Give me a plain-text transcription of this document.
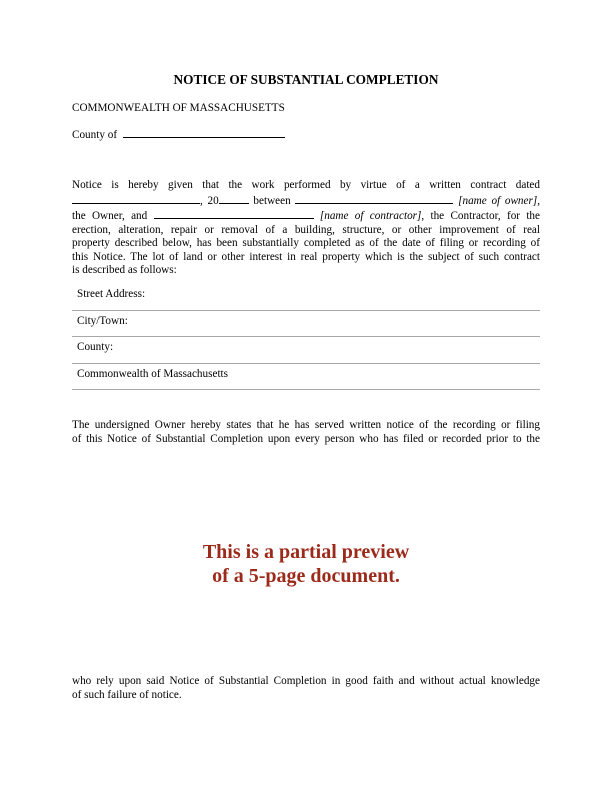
NOTICE OF SUBSTANTIAL COMPLETION
COMMONWEALTH OF MASSACHUSETTS
County of
Notice is hereby given that the work performed by virtue of a written contract dated
, 20	between	[name of owner],
the Owner, and	[name of contractor], the Contractor, for the
erection, alteration, repair or removal of a building, structure, or other improvement of real
property described below, has been substantially completed as of the date of filing or recording of
this Notice. The lot of land or other interest in real property which is the subject of such contract
is described as follows:
Street Address:
City/Town:
County:
Commonwealth of Massachusetts
The undersigned Owner hereby states that he has served written notice of the recording or filing
of this Notice of Substantial Completion upon every person who has filed or recorded prior to the
This is a partial preview
of a 5-page document.
who rely upon said Notice of Substantial Completion in good faith and without actual knowledge
of such failure of notice.
